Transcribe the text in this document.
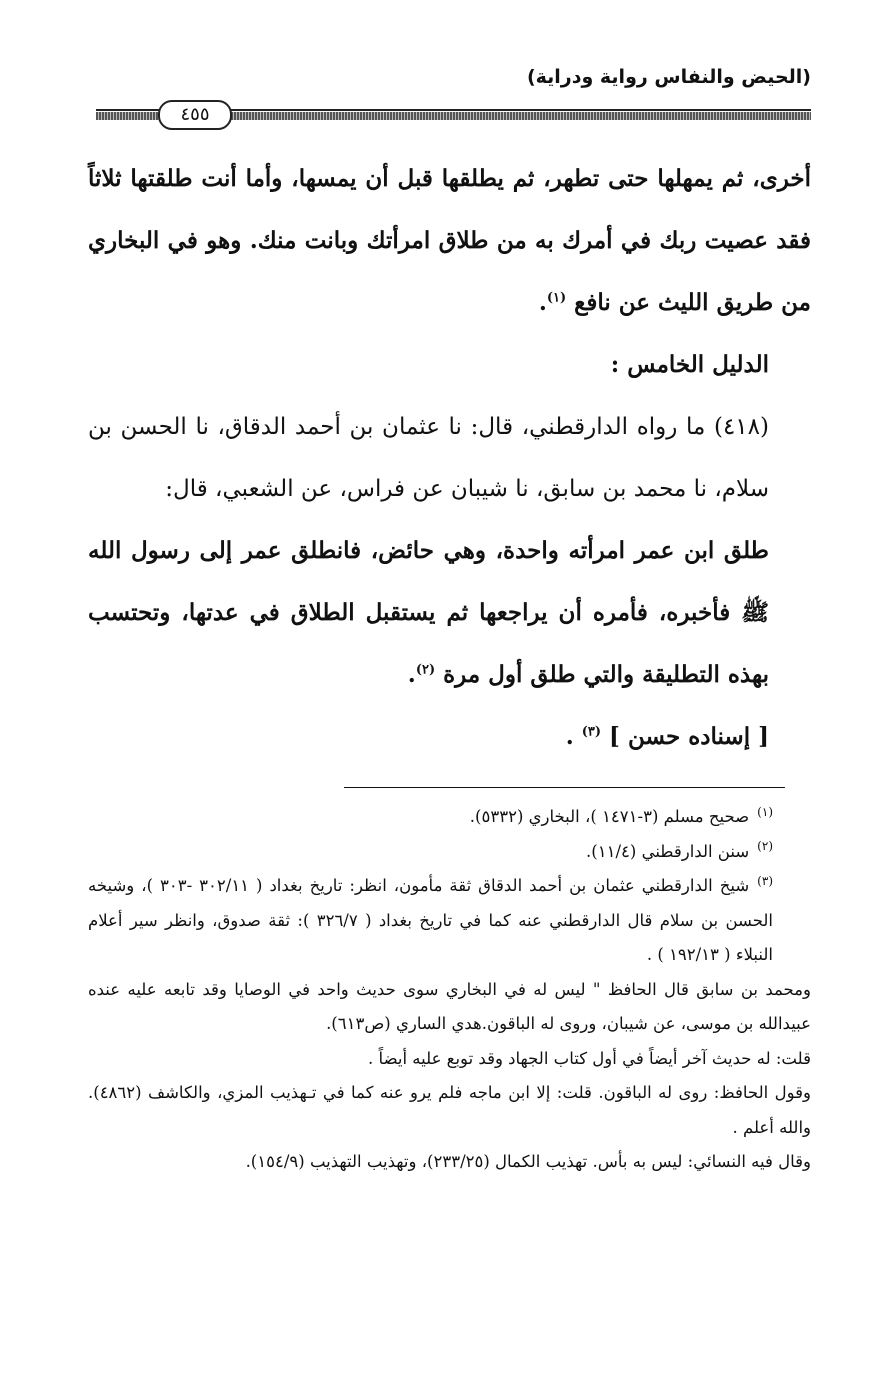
(الحيض والنفاس رواية ودراية)
٤٥٥

أخرى، ثم يمهلها حتى تطهر، ثم يطلقها قبل أن يمسها، وأما أنت طلقتها ثلاثاً فقد عصيت ربك في أمرك به من طلاق امرأتك وبانت منك. وهو في البخاري من طريق الليث عن نافع $^{(١)}$.

الدليل الخامس :

(٤١٨) ما رواه الدارقطني، قال: نا عثمان بن أحمد الدقاق، نا الحسن بن سلام، نا محمد بن سابق، نا شيبان عن فراس، عن الشعبي، قال:

طلق ابن عمر امرأته واحدة، وهي حائض، فانطلق عمر إلى رسول الله ﷺ فأخبره، فأمره أن يراجعها ثم يستقبل الطلاق في عدتها، وتحتسب بهذه التطليقة والتي طلق أول مرة $^{(٢)}$.

[ إسناده حسن ] $^{(٣)}$ .

$^{(١)}$صحيح مسلم (٣-١٤٧١ )، البخاري (٥٣٣٢).

$^{(٢)}$سنن الدارقطني (١١/٤).

$^{(٣)}$شيخ الدارقطني عثمان بن أحمد الدقاق ثقة مأمون، انظر: تاريخ بغداد ( ٣٠٢/١١ -٣٠٣ )، وشيخه الحسن بن سلام قال الدارقطني عنه كما في تاريخ بغداد ( ٣٢٦/٧ ): ثقة صدوق، وانظر سير أعلام النبلاء ( ١٩٢/١٣ ) .

ومحمد بن سابق قال الحافظ " ليس له في البخاري سوى حديث واحد في الوصايا وقد تابعه عليه عنده عبيدالله بن موسى، عن شيبان، وروى له الباقون.هدي الساري (ص٦١٣).

قلت: له حديث آخر أيضاً في أول كتاب الجهاد وقد توبع عليه أيضاً .

وقول الحافظ: روى له الباقون. قلت: إلا ابن ماجه فلم يرو عنه كما في تـهذيب المزي، والكاشف (٤٨٦٢). والله أعلم .

وقال فيه النسائي: ليس به بأس. تهذيب الكمال (٢٣٣/٢٥)، وتهذيب التهذيب (١٥٤/٩).
